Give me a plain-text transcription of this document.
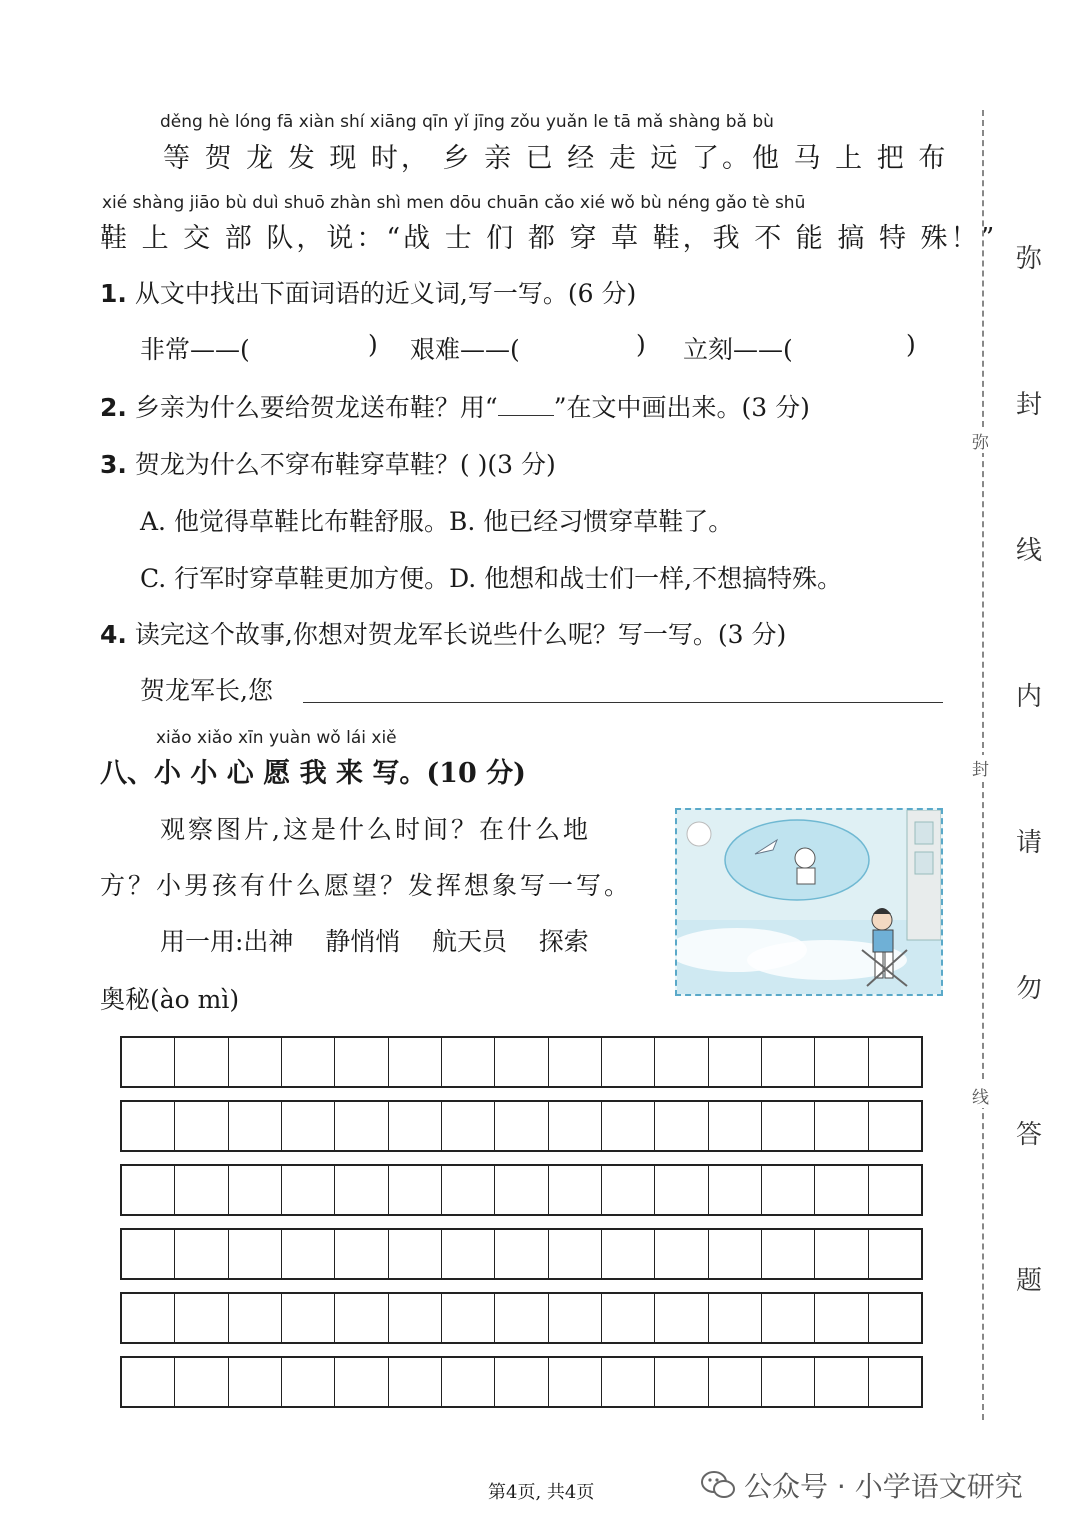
děng hè lóng fā xiàn shí xiāng qīn yǐ jīng zǒu yuǎn le tā mǎ shàng bǎ bù
等 贺 龙 发 现 时， 乡 亲 已 经 走 远 了。他 马 上 把 布
xié shàng jiāo bù duì shuō zhàn shì men dōu chuān cǎo xié wǒ bù néng gǎo tè shū
鞋 上 交 部 队，说：“战 士 们 都 穿 草 鞋，我 不 能 搞 特 殊！”
1. 从文中找出下面词语的近义词,写一写。(6 分)
非常——(	) 艰难——(	) 立刻——(	)
2. 乡亲为什么要给贺龙送布鞋？用“ ”在文中画出来。(3 分)
3. 贺龙为什么不穿布鞋穿草鞋？( )(3 分)
A. 他觉得草鞋比布鞋舒服。B. 他已经习惯穿草鞋了。
C. 行军时穿草鞋更加方便。D. 他想和战士们一样,不想搞特殊。
4. 读完这个故事,你想对贺龙军长说些什么呢？写一写。(3 分)
贺龙军长,您
xiǎo xiǎo xīn yuàn wǒ lái xiě
八、小 小 心 愿 我 来 写。(10 分)
观察图片,这是什么时间？在什么地
方？小男孩有什么愿望？发挥想象写一写。
用一用:出神    静悄悄    航天员    探索
奥秘(ào mì)
弥
封
线
弥
封
线
内
请
勿
答
题
第4页, 共4页	公众号 · 小学语文研究
